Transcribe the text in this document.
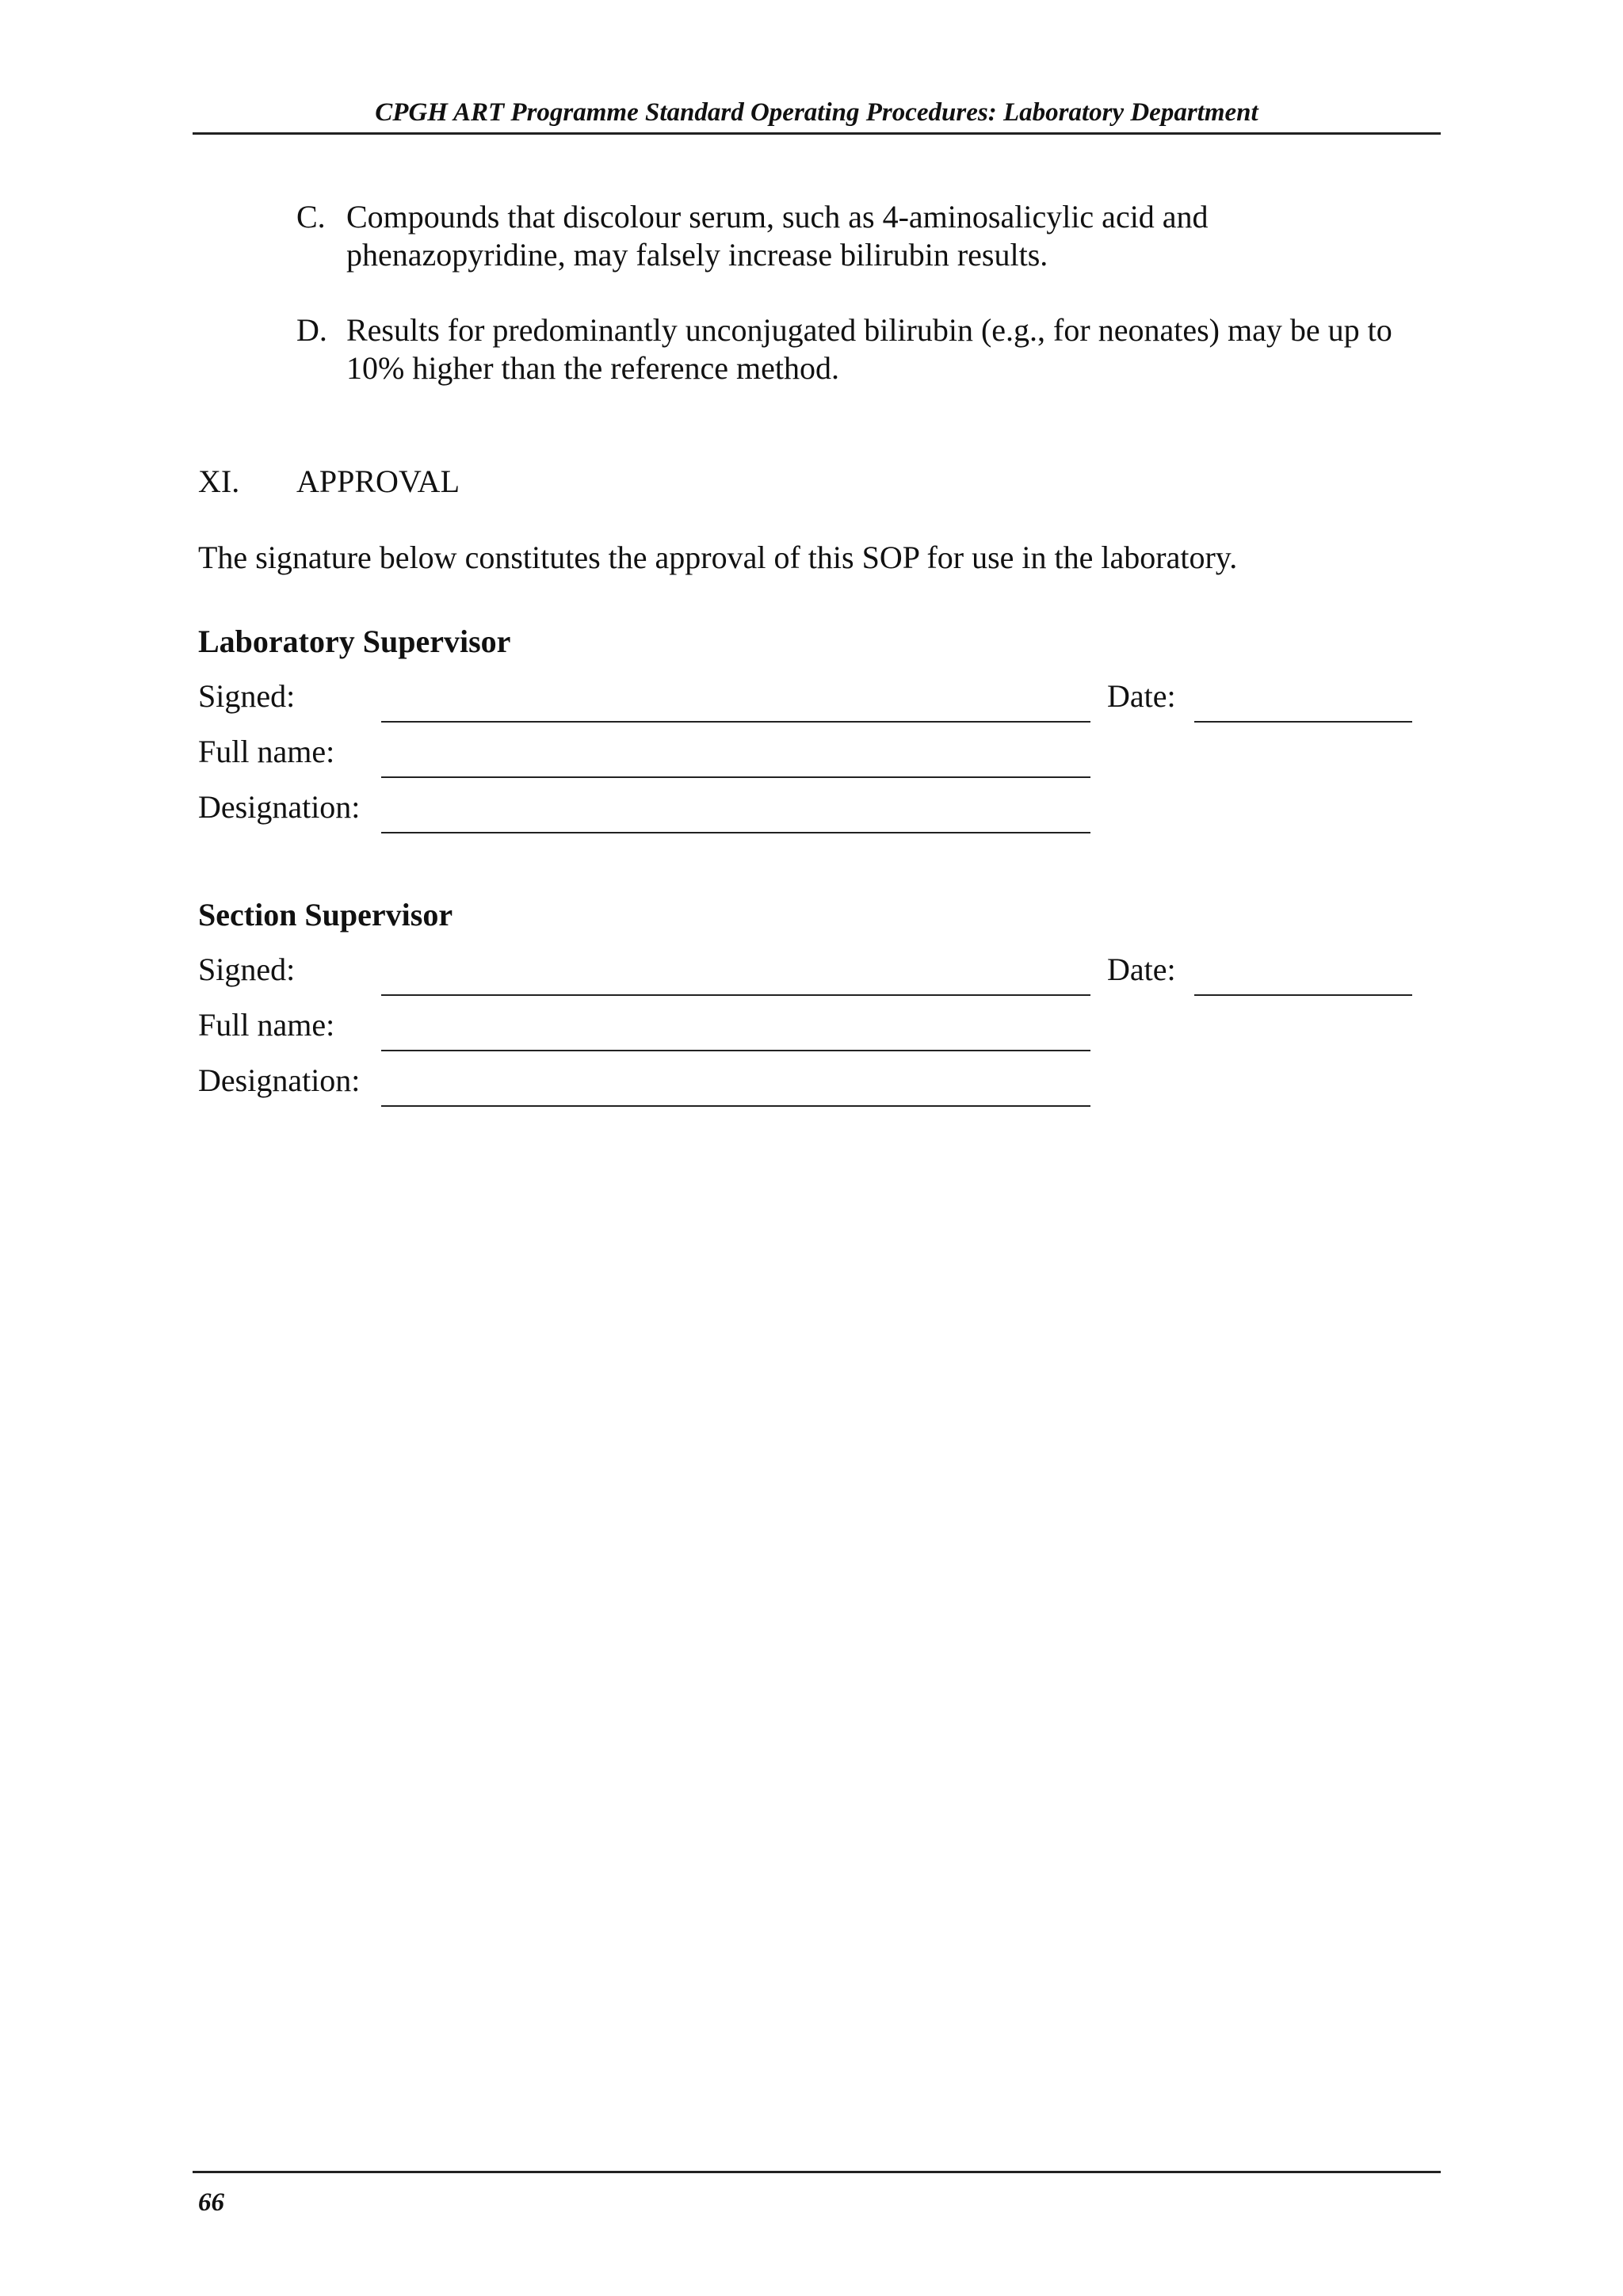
CPGH ART Programme Standard Operating Procedures: Laboratory Department
C. Compounds that discolour serum, such as 4-aminosalicylic acid and
phenazopyridine, may falsely increase bilirubin results.
D. Results for predominantly unconjugated bilirubin (e.g., for neonates) may be up to
10% higher than the reference method.
XI. APPROVAL
The signature below constitutes the approval of this SOP for use in the laboratory.
Laboratory Supervisor
Signed:	Date:
Full name:
Designation:
Section Supervisor
Signed:	Date:
Full name:
Designation:
66
